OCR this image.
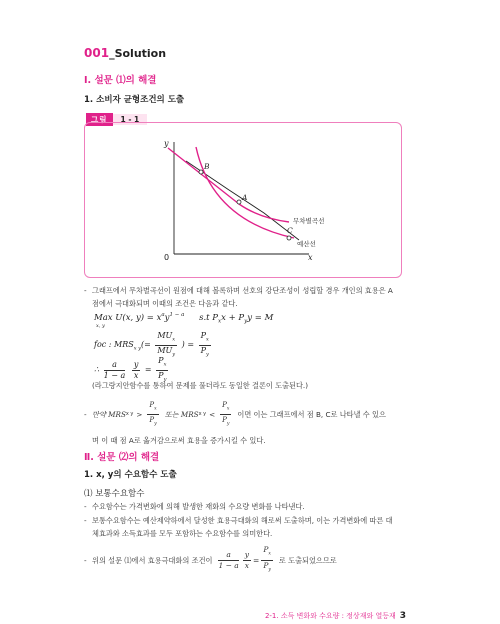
001_Solution
Ⅰ. 설문 ⑴의 해결
1. 소비자 균형조건의 도출
그림	1 - 1
y
x
0
B
A
C
무차별곡선
예산선
- 그래프에서 무차별곡선이 원점에 대해 볼록하며 선호의 강단조성이 성립할 경우 개인의 효용은 A
점에서 극대화되며 이때의 조건은 다음과 같다.
Max U(x, $y) = x^ay^{1 - a}$ s.t $P_xx + P_yy = M$
x, y
foc : $MRS_{x y}(= \frac{MU_x}{MU_y}$ ) = $\frac{P_x}{P_y}$
∴ $\frac{a}{1 - a}$
$\frac{y}{x} = \frac{P_x}{P_y}$
(라그랑지안함수를 통하여 문제를 풀더라도 동일한 결론이 도출된다.)
- 만약 MRS x $y > \frac{P_x}{P_y}$ 또는 MRS x $y < \frac{P_x}{P_y}$ 이면 이는 그래프에서 점 B, C로 나타낼 수 있으
며 이 때 점 A로 옮겨감으로써 효용을 증가시킬 수 있다.
Ⅱ. 설문 ⑵의 해결
1. x, y의 수요함수 도출
⑴ 보통수요함수
- 수요함수는 가격변화에 의해 발생한 재화의 수요량 변화를 나타낸다.
- 보통수요함수는 예산제약하에서 달성한 효용극대화의 해로써 도출하며, 이는 가격변화에 따른 대
체효과와 소득효과를 모두 포함하는 수요함수를 의미한다.
- 위의 설문 ⑴에서 효용극대화의 조건이 $\frac{a}{1 - a} \frac{y}{x} = \frac{P_x}{P_y}$ 로 도출되었으므로
2-1. 소득 변화와 수요량 : 정상재와 열등재 3
